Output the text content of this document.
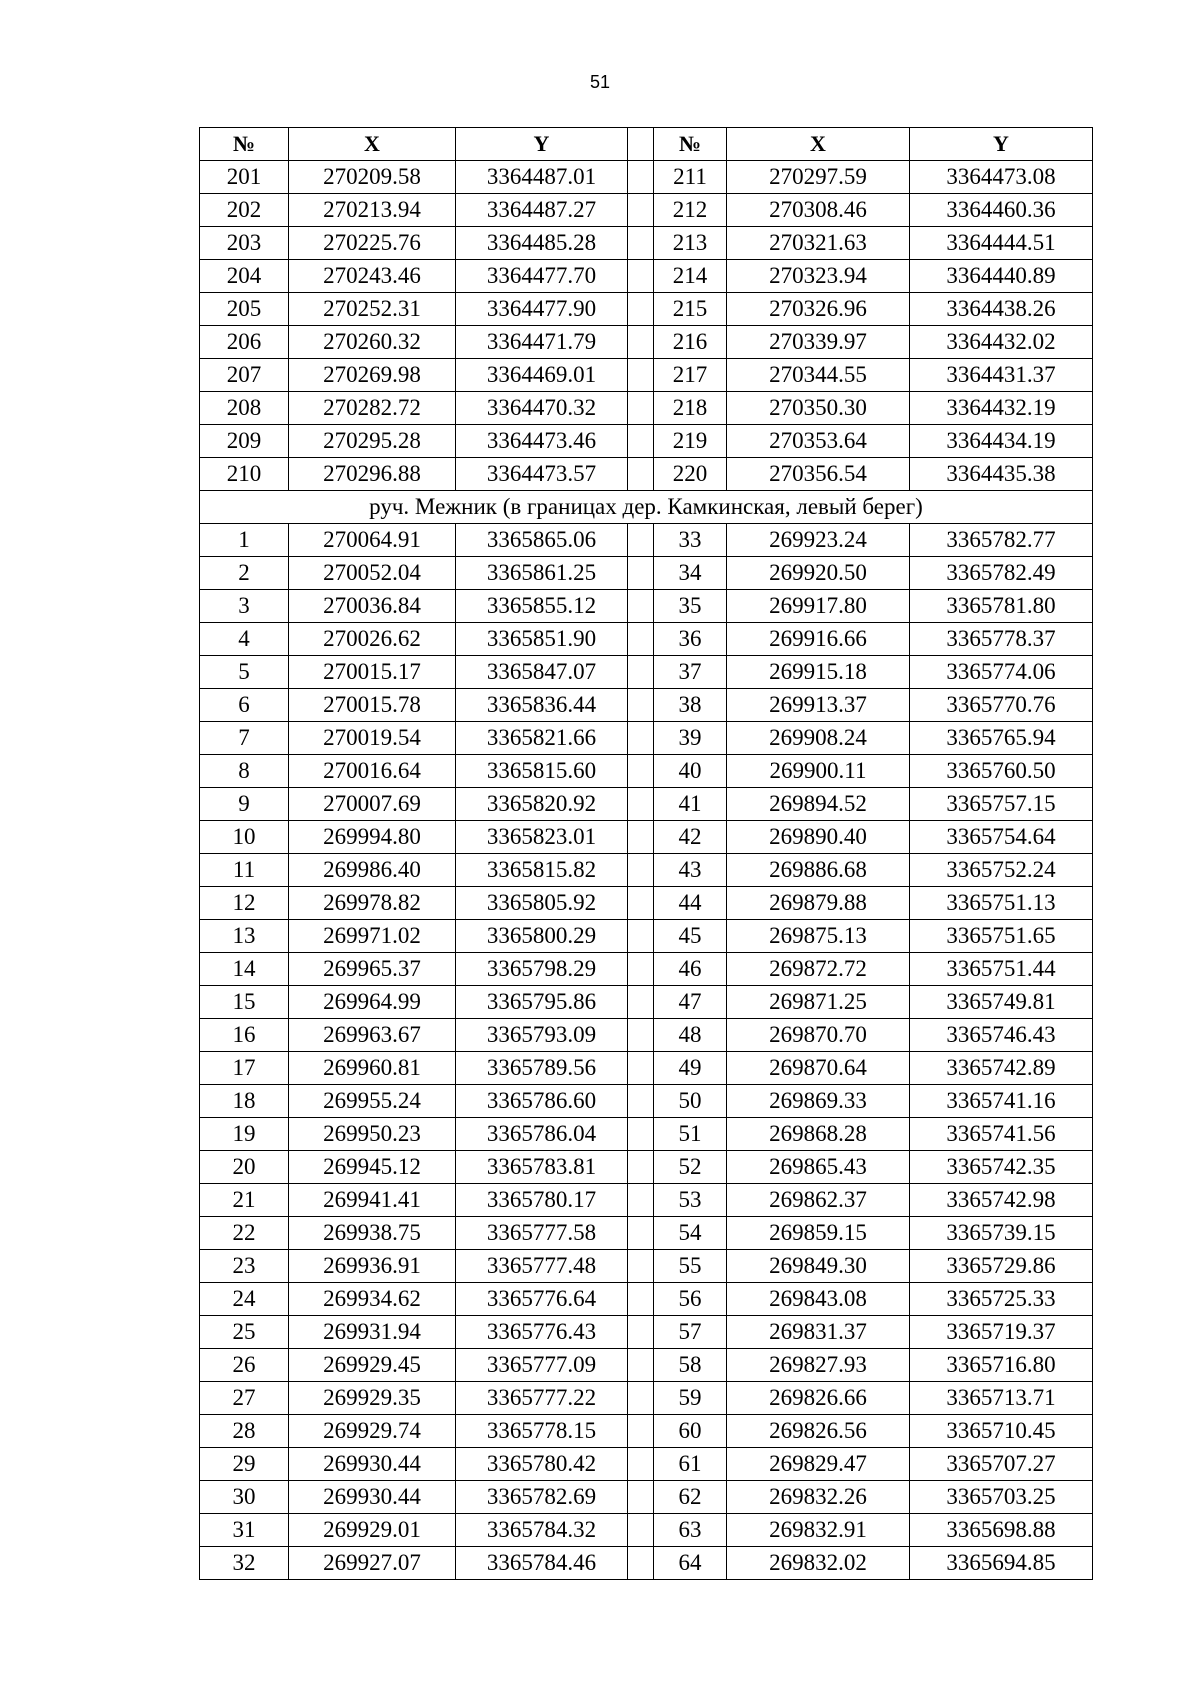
51
№	X	Y		№	X	Y
201	270209.58	3364487.01		211	270297.59	3364473.08
202	270213.94	3364487.27		212	270308.46	3364460.36
203	270225.76	3364485.28		213	270321.63	3364444.51
204	270243.46	3364477.70		214	270323.94	3364440.89
205	270252.31	3364477.90		215	270326.96	3364438.26
206	270260.32	3364471.79		216	270339.97	3364432.02
207	270269.98	3364469.01		217	270344.55	3364431.37
208	270282.72	3364470.32		218	270350.30	3364432.19
209	270295.28	3364473.46		219	270353.64	3364434.19
210	270296.88	3364473.57		220	270356.54	3364435.38
руч. Межник (в границах дер. Камкинская, левый берег)						
1	270064.91	3365865.06		33	269923.24	3365782.77
2	270052.04	3365861.25		34	269920.50	3365782.49
3	270036.84	3365855.12		35	269917.80	3365781.80
4	270026.62	3365851.90		36	269916.66	3365778.37
5	270015.17	3365847.07		37	269915.18	3365774.06
6	270015.78	3365836.44		38	269913.37	3365770.76
7	270019.54	3365821.66		39	269908.24	3365765.94
8	270016.64	3365815.60		40	269900.11	3365760.50
9	270007.69	3365820.92		41	269894.52	3365757.15
10	269994.80	3365823.01		42	269890.40	3365754.64
11	269986.40	3365815.82		43	269886.68	3365752.24
12	269978.82	3365805.92		44	269879.88	3365751.13
13	269971.02	3365800.29		45	269875.13	3365751.65
14	269965.37	3365798.29		46	269872.72	3365751.44
15	269964.99	3365795.86		47	269871.25	3365749.81
16	269963.67	3365793.09		48	269870.70	3365746.43
17	269960.81	3365789.56		49	269870.64	3365742.89
18	269955.24	3365786.60		50	269869.33	3365741.16
19	269950.23	3365786.04		51	269868.28	3365741.56
20	269945.12	3365783.81		52	269865.43	3365742.35
21	269941.41	3365780.17		53	269862.37	3365742.98
22	269938.75	3365777.58		54	269859.15	3365739.15
23	269936.91	3365777.48		55	269849.30	3365729.86
24	269934.62	3365776.64		56	269843.08	3365725.33
25	269931.94	3365776.43		57	269831.37	3365719.37
26	269929.45	3365777.09		58	269827.93	3365716.80
27	269929.35	3365777.22		59	269826.66	3365713.71
28	269929.74	3365778.15		60	269826.56	3365710.45
29	269930.44	3365780.42		61	269829.47	3365707.27
30	269930.44	3365782.69		62	269832.26	3365703.25
31	269929.01	3365784.32		63	269832.91	3365698.88
32	269927.07	3365784.46		64	269832.02	3365694.85
